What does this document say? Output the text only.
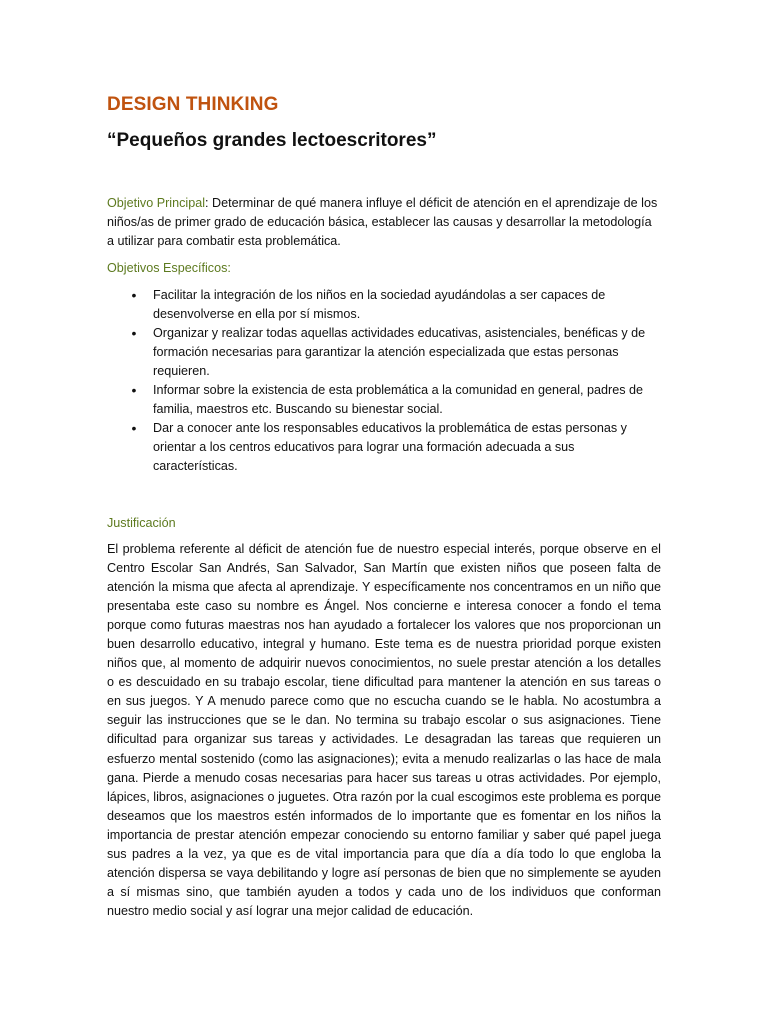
DESIGN THINKING
“Pequeños grandes lectoescritores”

Objetivo Principal: Determinar de qué manera influye el déficit de atención en el aprendizaje de los niños/as de primer grado de educación básica, establecer las causas y desarrollar la metodología a utilizar para combatir esta problemática.

Objetivos Específicos:

• Facilitar la integración de los niños en la sociedad ayudándolas a ser capaces de desenvolverse en ella por sí mismos.
• Organizar y realizar todas aquellas actividades educativas, asistenciales, benéficas y de formación necesarias para garantizar la atención especializada que estas personas requieren.
• Informar sobre la existencia de esta problemática a la comunidad en general, padres de familia, maestros etc. Buscando su bienestar social.
• Dar a conocer ante los responsables educativos la problemática de estas personas y orientar a los centros educativos para lograr una formación adecuada a sus características.

Justificación

El problema referente al déficit de atención fue de nuestro especial interés, porque observe en el Centro Escolar San Andrés, San Salvador, San Martín que existen niños que poseen falta de atención la misma que afecta al aprendizaje. Y específicamente nos concentramos en un niño que presentaba este caso su nombre es Ángel. Nos concierne e interesa conocer a fondo el tema porque como futuras maestras nos han ayudado a fortalecer los valores que nos proporcionan un buen desarrollo educativo, integral y humano. Este tema es de nuestra prioridad porque existen niños que, al momento de adquirir nuevos conocimientos, no suele prestar atención a los detalles o es descuidado en su trabajo escolar, tiene dificultad para mantener la atención en sus tareas o en sus juegos. Y A menudo parece como que no escucha cuando se le habla. No acostumbra a seguir las instrucciones que se le dan. No termina su trabajo escolar o sus asignaciones. Tiene dificultad para organizar sus tareas y actividades. Le desagradan las tareas que requieren un esfuerzo mental sostenido (como las asignaciones); evita a menudo realizarlas o las hace de mala gana. Pierde a menudo cosas necesarias para hacer sus tareas u otras actividades. Por ejemplo, lápices, libros, asignaciones o juguetes. Otra razón por la cual escogimos este problema es porque deseamos que los maestros estén informados de lo importante que es fomentar en los niños la importancia de prestar atención empezar conociendo su entorno familiar y saber qué papel juega sus padres a la vez, ya que es de vital importancia para que día a día todo lo que engloba la atención dispersa se vaya debilitando y logre así personas de bien que no simplemente se ayuden a sí mismas sino, que también ayuden a todos y cada uno de los individuos que conforman nuestro medio social y así lograr una mejor calidad de educación.
